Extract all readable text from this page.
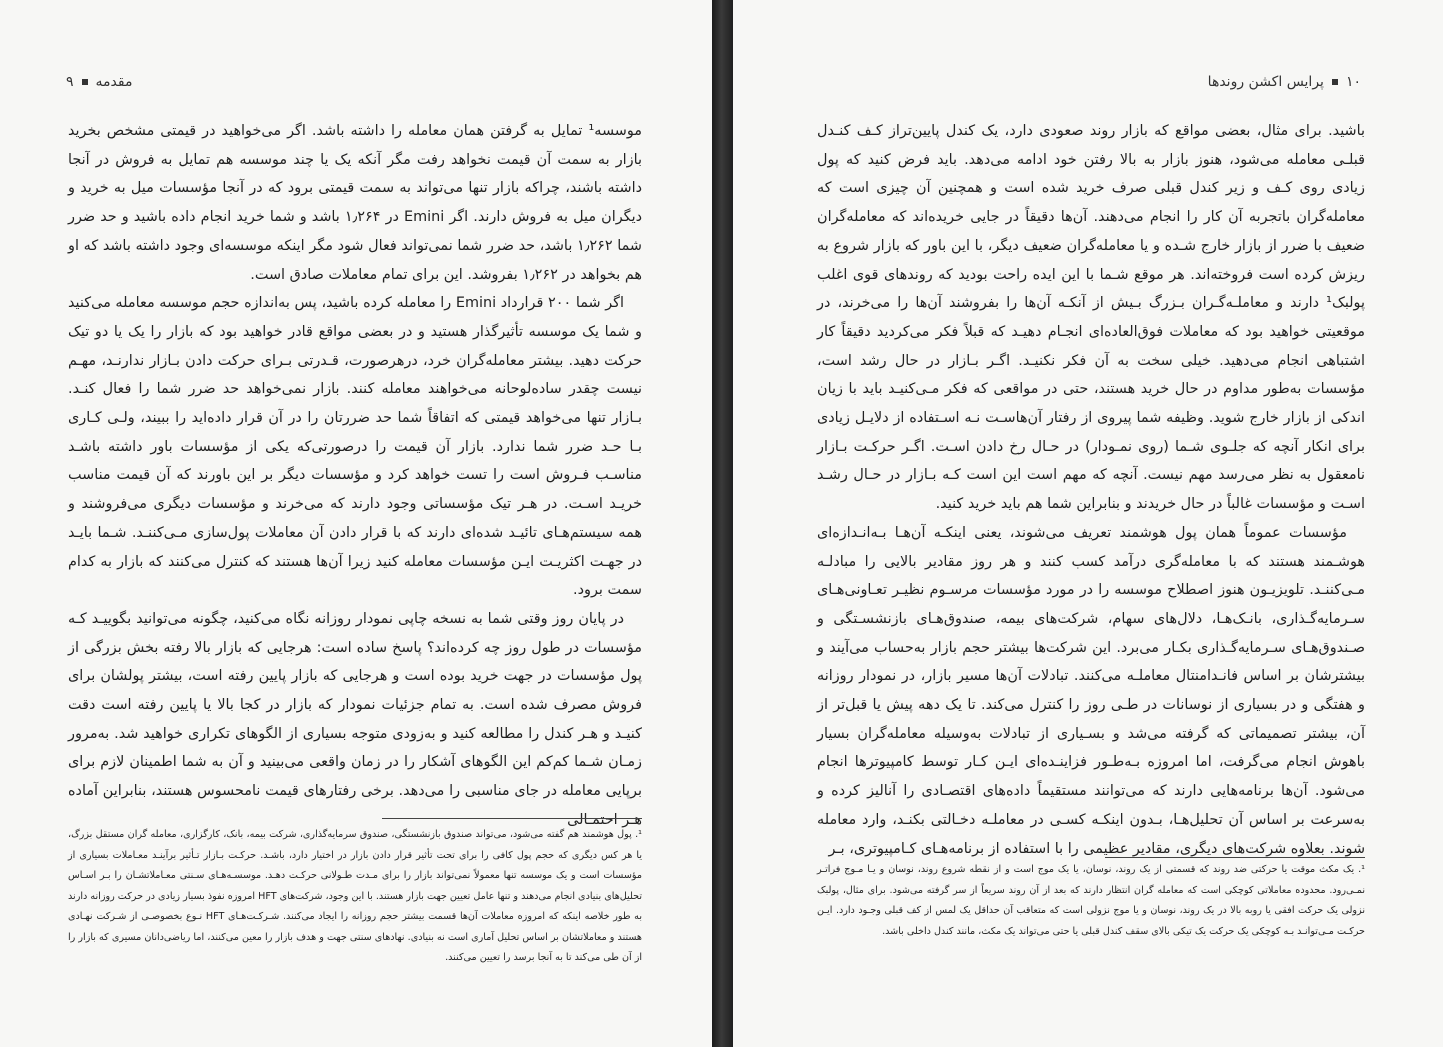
۹ مقدمه

موسسه¹ تمایل به گرفتن همان معامله را داشته باشد. اگر می‌خواهید در قیمتی مشخص بخرید بازار به سمت آن قیمت نخواهد رفت مگر آنکه یک یا چند موسسه هم تمایل به فروش در آنجا داشته باشند، چراکه بازار تنها می‌تواند به سمت قیمتی برود که در آنجا مؤسسات میل به خرید و دیگران میل به فروش دارند. اگر Emini در ۱٫۲۶۴ باشد و شما خرید انجام داده باشید و حد ضرر شما ۱٫۲۶۲ باشد، حد ضرر شما نمی‌تواند فعال شود مگر اینکه موسسه‌ای وجود داشته باشد که او هم بخواهد در ۱٫۲۶۲ بفروشد. این برای تمام معاملات صادق است.

اگر شما ۲۰۰ قرارداد Emini را معامله کرده باشید، پس به‌اندازه حجم موسسه معامله می‌کنید و شما یک موسسه تأثیرگذار هستید و در بعضی مواقع قادر خواهید بود که بازار را یک یا دو تیک حرکت دهید. بیشتر معامله‌گران خرد، درهرصورت، قـدرتی بـرای حرکت دادن بـازار ندارنـد، مهـم نیست چقدر ساده‌لوحانه می‌خواهند معامله کنند. بازار نمی‌خواهد حد ضرر شما را فعال کنـد. بـازار تنها می‌خواهد قیمتی که اتفاقاً شما حد ضررتان را در آن قرار داده‌اید را ببیند، ولـی کـاری بـا حـد ضرر شما ندارد. بازار آن قیمت را درصورتی‌که یکی از مؤسسات باور داشته باشـد مناسـب فـروش است را تست خواهد کرد و مؤسسات دیگر بر این باورند که آن قیمت مناسب خریـد اسـت. در هـر تیک مؤسساتی وجود دارند که می‌خرند و مؤسسات دیگری می‌فروشند و همه سیستم‌هـای تائیـد شده‌ای دارند که با قرار دادن آن معاملات پول‌سازی مـی‌کننـد. شـما بایـد در جهـت اکثریـت ایـن مؤسسات معامله کنید زیرا آن‌ها هستند که کنترل می‌کنند که بازار به کدام سمت برود.

در پایان روز وقتی شما به نسخه چاپی نمودار روزانه نگاه می‌کنید، چگونه می‌توانید بگوییـد کـه مؤسسات در طول روز چه کرده‌اند؟ پاسخ ساده است: هرجایی که بازار بالا رفته بخش بزرگی از پول مؤسسات در جهت خرید بوده است و هرجایی که بازار پایین رفته است، بیشتر پولشان برای فروش مصرف شده است. به تمام جزئیات نمودار که بازار در کجا بالا یا پایین رفته است دقت کنیـد و هـر کندل را مطالعه کنید و به‌زودی متوجه بسیاری از الگوهای تکراری خواهید شد. به‌مرور زمـان شـما کم‌کم این الگوهای آشکار را در زمان واقعی می‌بینید و آن به شما اطمینان لازم برای برپایی معامله در جای مناسبی را می‌دهد. برخی رفتارهای قیمت نامحسوس هستند، بنابراین آماده هـر احتمـالی

¹. پول هوشمند هم گفته می‌شود، می‌تواند صندوق بازنشستگی، صندوق سرمایه‌گذاری، شرکت بیمه، بانک، کارگزاری، معامله گران مستقل بزرگ، یا هر کس دیگری که حجم پول کافی را برای تحت تأثیر قرار دادن بازار در اختیار دارد، باشـد. حرکـت بـازار تـأثیر برآینـد معـاملات بسیاری از مؤسسات است و یک موسسه تنها معمولاً نمی‌تواند بازار را برای مـدت طـولانی حرکـت دهـد. موسسـه‌هـای سـنتی معـاملاتشـان را بـر اسـاس تحلیل‌های بنیادی انجام می‌دهند و تنها عامل تعیین جهت بازار هستند. با این وجود، شرکت‌های HFT امروزه نفوذ بسیار زیادی در حرکت روزانه دارند به طور خلاصه اینکه که امروزه معاملات آن‌ها قسمت بیشتر حجم روزانه را ایجاد می‌کنند. شـرکـت‌هـای HFT نـوع بخصوصـی از شـرکت نهـادی هستند و معاملاتشان بر اساس تحلیل آماری است نه بنیادی. نهادهای سنتی جهت و هدف بازار را معین می‌کنند، اما ریاضی‌دانان مسیری که بازار را از آن طی می‌کند تا به آنجا برسد را تعیین می‌کنند.

۱۰
پرایس اکشن روندها

باشید. برای مثال، بعضی مواقع که بازار روند صعودی دارد، یک کندل پایین‌تراز کـف کنـدل قبلـی معامله می‌شود، هنوز بازار به بالا رفتن خود ادامه می‌دهد. باید فرض کنید که پول زیادی روی کـف و زیر کندل قبلی صرف خرید شده است و همچنین آن چیزی است که معامله‌گران باتجربه آن کار را انجام می‌دهند. آن‌ها دقیقاً در جایی خریده‌اند که معامله‌گران ضعیف با ضرر از بازار خارج شـده و یا معامله‌گران ضعیف دیگر، با این باور که بازار شروع به ریزش کرده است فروخته‌اند. هر موقع شـما با این ایده راحت بودید که روندهای قوی اغلب پولبک¹ دارند و معاملـه‌گـران بـزرگ بـیش از آنکـه آن‌ها را بفروشند آن‌ها را می‌خرند، در موقعیتی خواهید بود که معاملات فوق‌العاده‌ای انجـام دهیـد که قبلاً فکر می‌کردید دقیقاً کار اشتباهی انجام می‌دهید. خیلی سخت به آن فکر نکنیـد. اگـر بـازار در حال رشد است، مؤسسات به‌طور مداوم در حال خرید هستند، حتی در مواقعی که فکر مـی‌کنیـد باید با زیان اندکی از بازار خارج شوید. وظیفه شما پیروی از رفتار آن‌هاسـت نـه اسـتفاده از دلایـل زیادی برای انکار آنچه که جلـوی شـما (روی نمـودار) در حـال رخ دادن اسـت. اگـر حرکـت بـازار نامعقول به نظر می‌رسد مهم نیست. آنچه که مهم است این است کـه بـازار در حـال رشـد اسـت و مؤسسات غالباً در حال خریدند و بنابراین شما هم باید خرید کنید.

مؤسسات عموماً همان پول هوشمند تعریف می‌شوند، یعنی اینکـه آن‌هـا بـه‌انـدازه‌ای هوشـمند هستند که با معامله‌گری درآمد کسب کنند و هر روز مقادیر بالایی را مبادلـه مـی‌کننـد. تلویزیـون هنوز اصطلاح موسسه را در مورد مؤسسات مرسـوم نظیـر تعـاونی‌هـای سـرمایه‌گـذاری، بانـک‌هـا، دلال‌های سهام، شرکت‌های بیمه، صندوق‌هـای بازنشسـتگی و صـندوق‌هـای سـرمایه‌گـذاری بکـار می‌برد. این شرکت‌ها بیشتر حجم بازار به‌حساب می‌آیند و بیشترشان بر اساس فانـدامنتال معاملـه می‌کنند. تبادلات آن‌ها مسیر بازار، در نمودار روزانه و هفتگی و در بسیاری از نوسانات در طـی روز را کنترل می‌کند. تا یک دهه پیش یا قبل‌تر از آن، بیشتر تصمیماتی که گرفته می‌شد و بسـیاری از تبادلات به‌وسیله معامله‌گران بسیار باهوش انجام می‌گرفت، اما امروزه بـه‌طـور فزاینـده‌ای ایـن کـار توسط کامپیوترها انجام می‌شود. آن‌ها برنامه‌هایی دارند که می‌توانند مستقیماً داده‌های اقتصـادی را آنالیز کرده و به‌سرعت بر اساس آن تحلیل‌هـا، بـدون اینکـه کسـی در معاملـه دخـالتی بکنـد، وارد معامله شوند. بعلاوه شرکت‌های دیگری، مقادیر عظیمی را با استفاده از برنامه‌هـای کـامپیوتری، بـر

¹. یک مکث موقت یا حرکتی ضد روند که قسمتی از یک روند، نوسان، یا یک موج است و از نقطه شروع روند، نوسان و یـا مـوج فراتـر نمـی‌رود. محدوده معاملاتی کوچکی است که معامله گران انتظار دارند که بعد از آن روند سریعاً از سر گرفته می‌شود. برای مثال، پولبک نزولی یک حرکت افقی یا روبه بالا در یک روند، نوسان و یا موج نزولی است که متعاقب آن حداقل یک لمس از کف قبلی وجـود دارد. ایـن حرکـت مـی‌توانـد بـه کوچکی یک حرکت یک تیکی بالای سقف کندل قبلی یا حتی می‌تواند یک مکث، مانند کندل داخلی باشد.
